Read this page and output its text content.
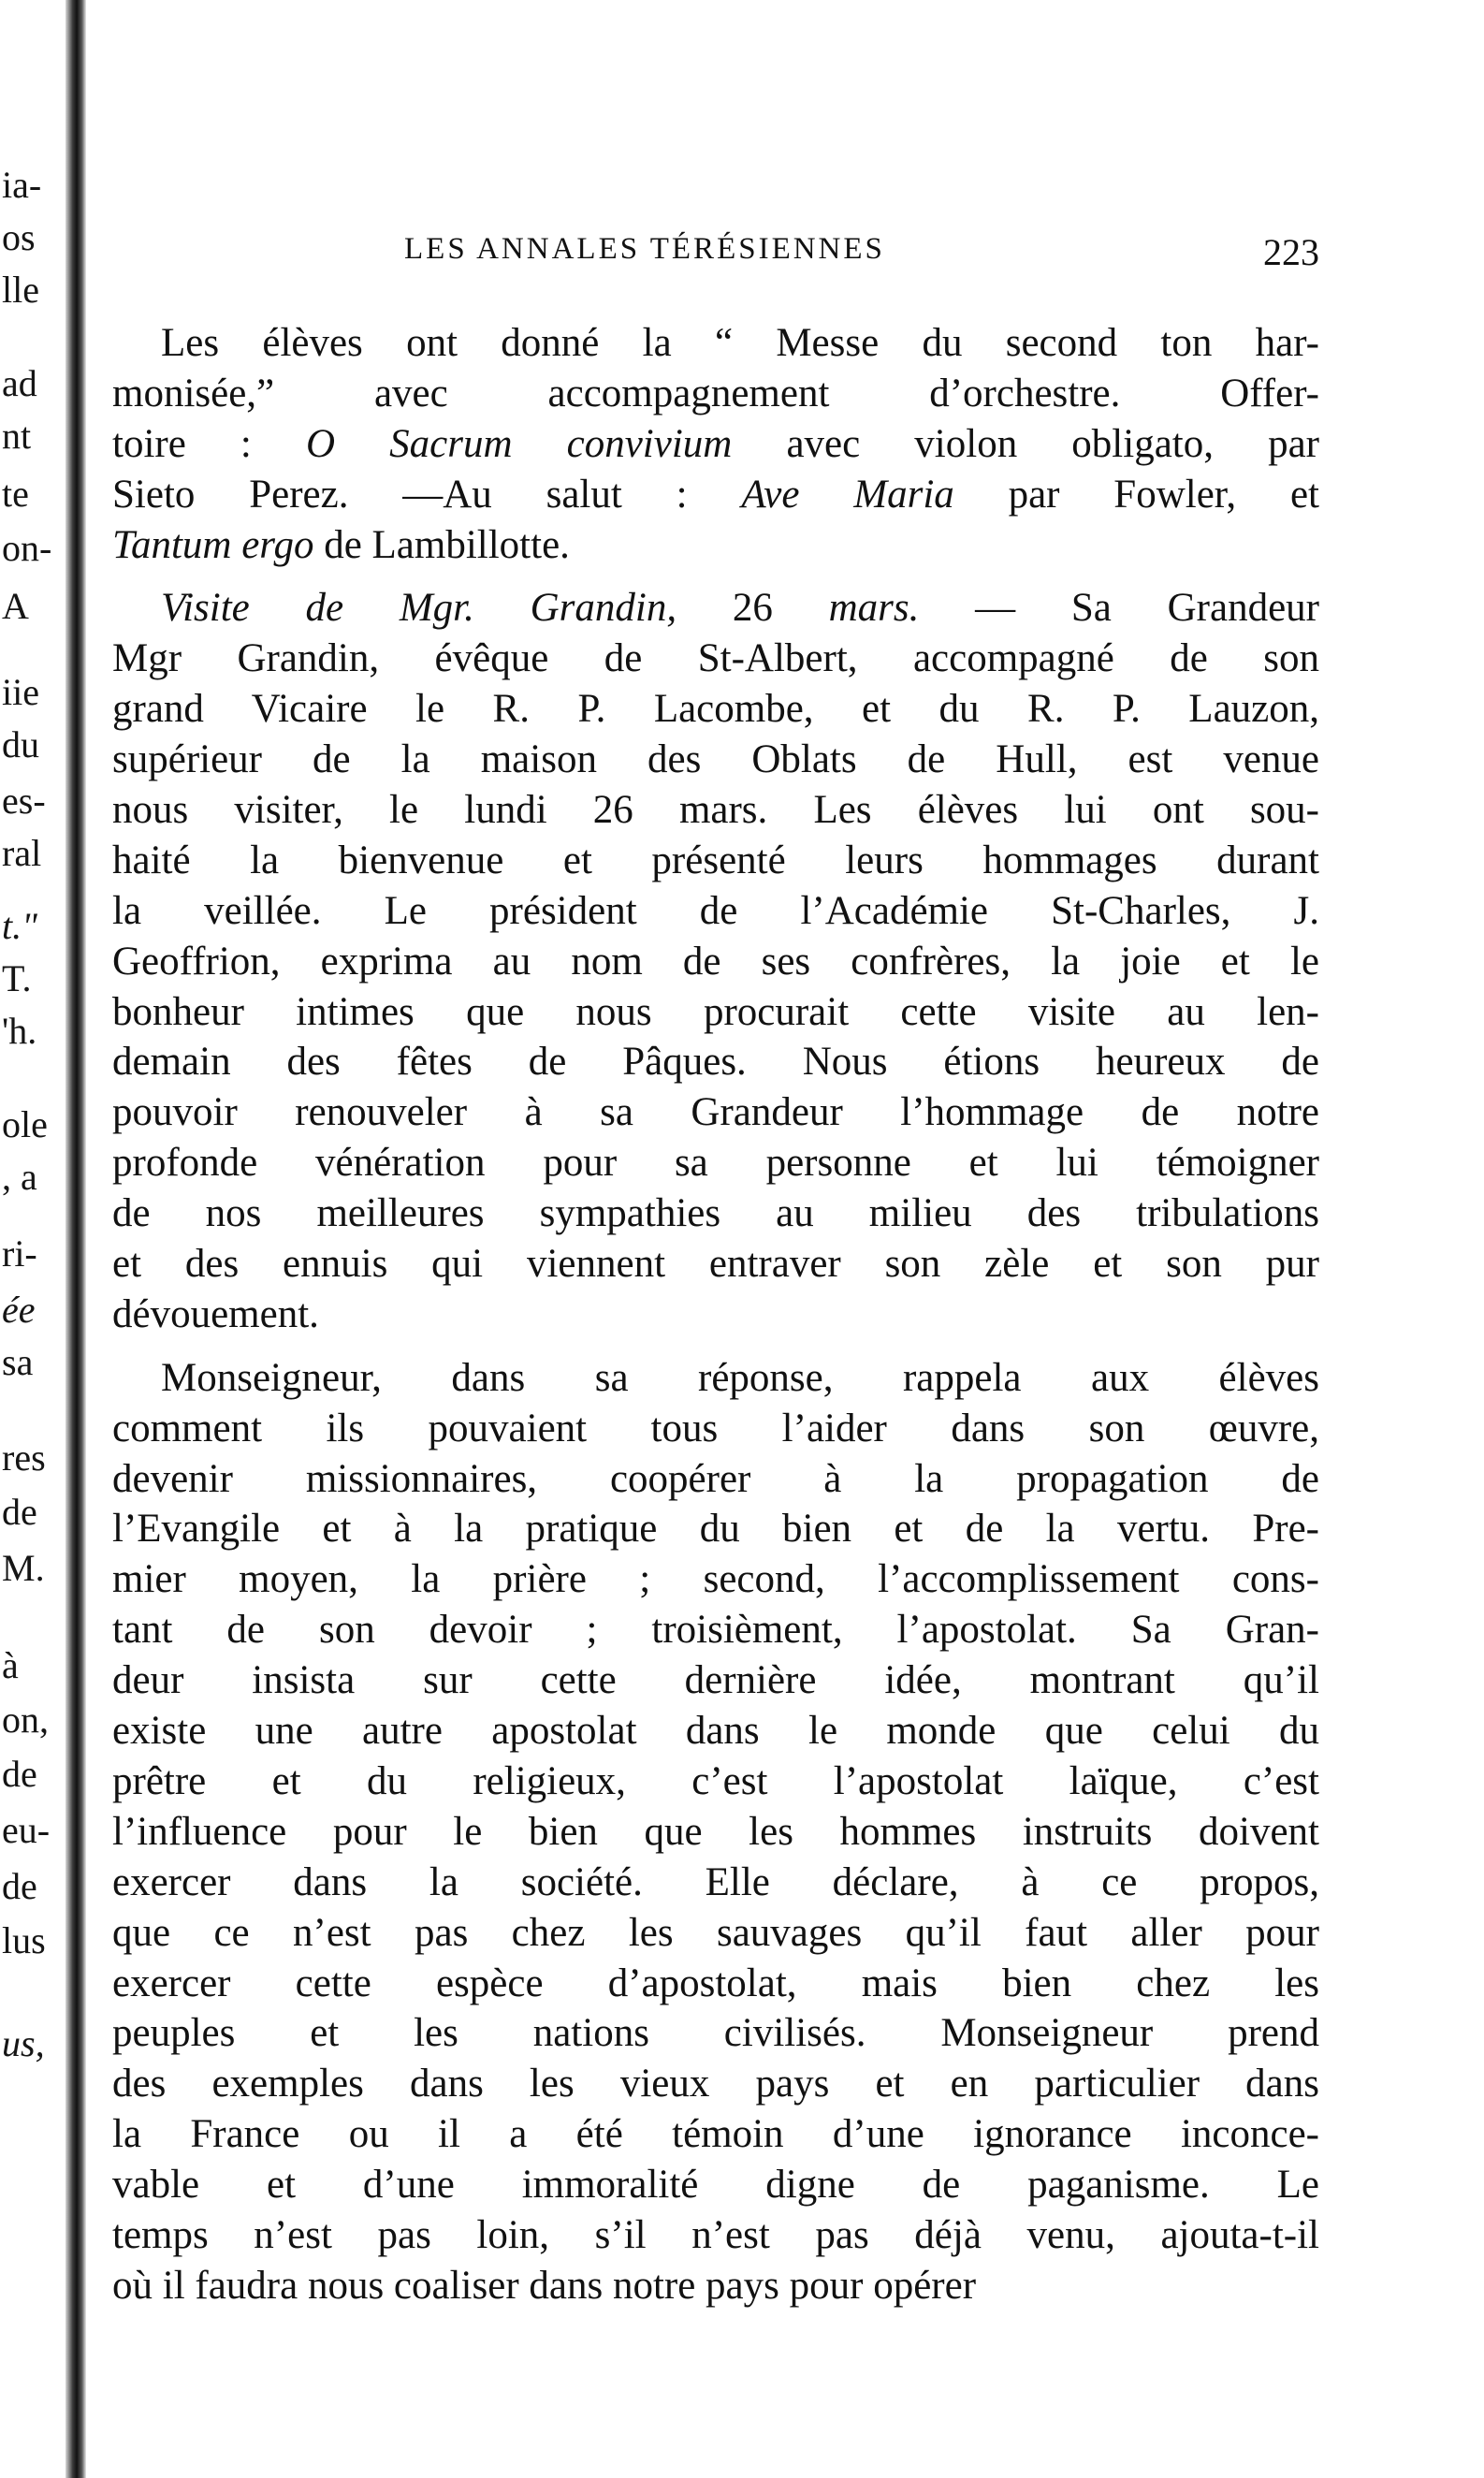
ia-
os
lle
ad
nt
te
on-
A
iie
du
es-
ral
t."
T.
'h.
ole
, a
ri-
ée
sa
res
de
M.
à
on,
de
eu-
de
lus
us,
LES ANNALES TÉRÉSIENNES	223
Les élèves ont donné la “ Messe du second ton har-
monisée,” avec accompagnement d’orchestre. Offer-
toire : O Sacrum convivium avec violon obligato, par
Sieto Perez. —Au salut : Ave Maria par Fowler, et
Tantum ergo de Lambillotte.
Visite de Mgr. Grandin, 26 mars. — Sa Grandeur
Mgr Grandin, évêque de St-Albert, accompagné de son
grand Vicaire le R. P. Lacombe, et du R. P. Lauzon,
supérieur de la maison des Oblats de Hull, est venue
nous visiter, le lundi 26 mars. Les élèves lui ont sou-
haité la bienvenue et présenté leurs hommages durant
la veillée. Le président de l’Académie St-Charles, J.
Geoffrion, exprima au nom de ses confrères, la joie et le
bonheur intimes que nous procurait cette visite au len-
demain des fêtes de Pâques. Nous étions heureux de
pouvoir renouveler à sa Grandeur l’hommage de notre
profonde vénération pour sa personne et lui témoigner
de nos meilleures sympathies au milieu des tribulations
et des ennuis qui viennent entraver son zèle et son pur
dévouement.
Monseigneur, dans sa réponse, rappela aux élèves
comment ils pouvaient tous l’aider dans son œuvre,
devenir missionnaires, coopérer à la propagation de
l’Evangile et à la pratique du bien et de la vertu. Pre-
mier moyen, la prière ; second, l’accomplissement cons-
tant de son devoir ; troisièment, l’apostolat. Sa Gran-
deur insista sur cette dernière idée, montrant qu’il
existe une autre apostolat dans le monde que celui du
prêtre et du religieux, c’est l’apostolat laïque, c’est
l’influence pour le bien que les hommes instruits doivent
exercer dans la société. Elle déclare, à ce propos,
que ce n’est pas chez les sauvages qu’il faut aller pour
exercer cette espèce d’apostolat, mais bien chez les
peuples et les nations civilisés. Monseigneur prend
des exemples dans les vieux pays et en particulier dans
la France ou il a été témoin d’une ignorance inconce-
vable et d’une immoralité digne de paganisme. Le
temps n’est pas loin, s’il n’est pas déjà venu, ajouta-t-il
où il faudra nous coaliser dans notre pays pour opérer
